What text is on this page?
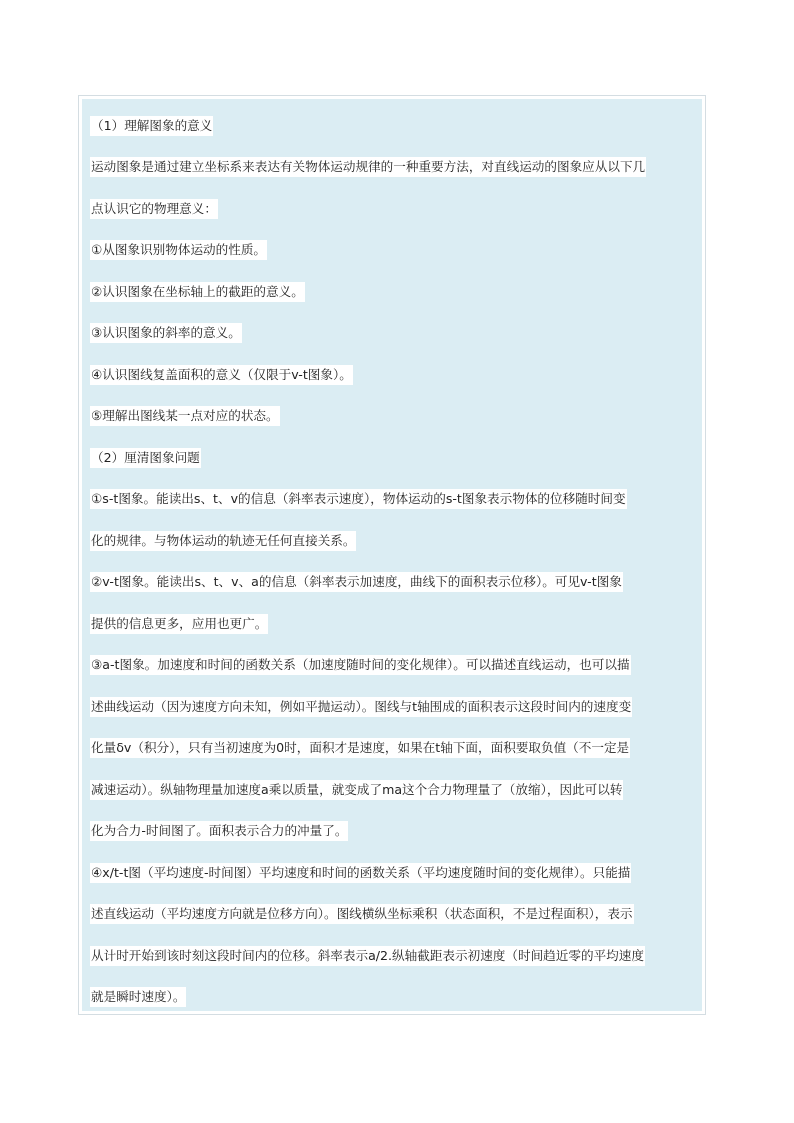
（1）理解图象的意义
运动图象是通过建立坐标系来表达有关物体运动规律的一种重要方法，对直线运动的图象应从以下几
点认识它的物理意义：
①从图象识别物体运动的性质。
②认识图象在坐标轴上的截距的意义。
③认识图象的斜率的意义。
④认识图线复盖面积的意义（仅限于v-t图象）。
⑤理解出图线某一点对应的状态。
（2）厘清图象问题
①s-t图象。能读出s、t、v的信息（斜率表示速度），物体运动的s-t图象表示物体的位移随时间变
化的规律。与物体运动的轨迹无任何直接关系。
②v-t图象。能读出s、t、v、a的信息（斜率表示加速度，曲线下的面积表示位移）。可见v-t图象
提供的信息更多，应用也更广。
③a-t图象。加速度和时间的函数关系（加速度随时间的变化规律）。可以描述直线运动，也可以描
述曲线运动（因为速度方向未知，例如平抛运动）。图线与t轴围成的面积表示这段时间内的速度变
化量δv（积分），只有当初速度为0时，面积才是速度，如果在t轴下面，面积要取负值（不一定是
减速运动）。纵轴物理量加速度a乘以质量，就变成了ma这个合力物理量了（放缩），因此可以转
化为合力-时间图了。面积表示合力的冲量了。
④x/t-t图（平均速度-时间图）平均速度和时间的函数关系（平均速度随时间的变化规律）。只能描
述直线运动（平均速度方向就是位移方向）。图线横纵坐标乘积（状态面积，不是过程面积），表示
从计时开始到该时刻这段时间内的位移。斜率表示a/2.纵轴截距表示初速度（时间趋近零的平均速度
就是瞬时速度）。
